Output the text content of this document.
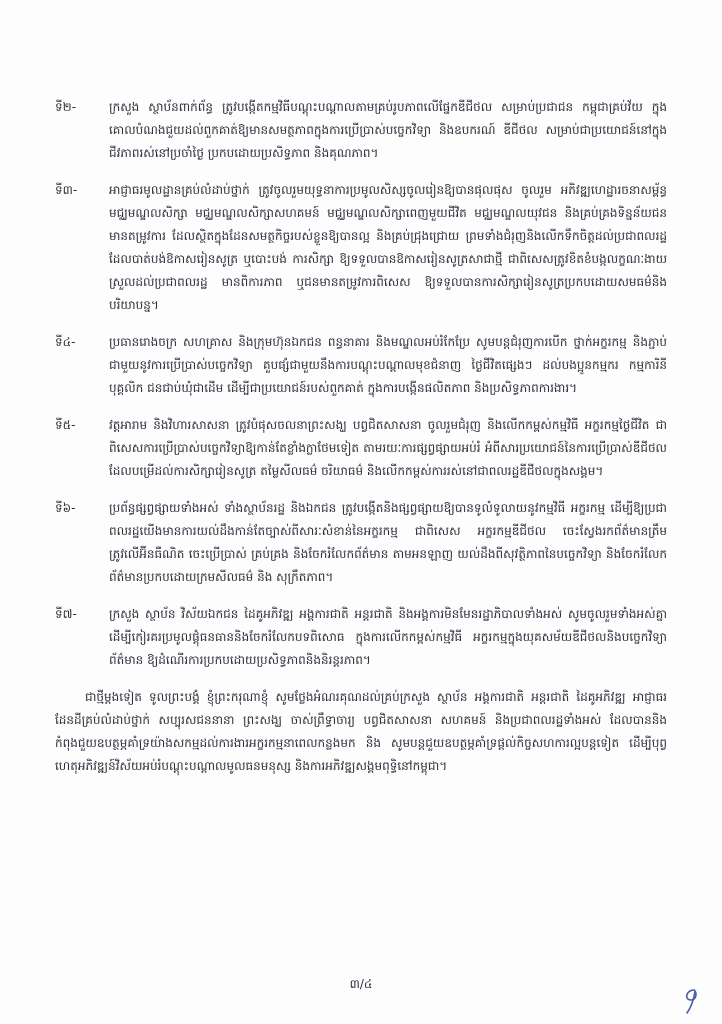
ទី២-	ក្រសួង ស្ថាប័នពាក់ព័ន្ធ ត្រូវបង្កើតកម្មវិធីបណ្តុះបណ្តាលតាមគ្រប់រូបភាពលើផ្នែកឌីជីថល សម្រាប់ប្រជាជន កម្ពុជាគ្រប់វ័យ ក្នុងគោលបំណងជួយដល់ពួកគាត់ឱ្យមានសមត្ថភាពក្នុងការប្រើប្រាស់បច្ចេកវិទ្យា និងឧបករណ៍ ឌីជីថល សម្រាប់ជាប្រយោជន៍នៅក្នុងជីវភាពរស់នៅប្រចាំថ្ងៃ ប្រកបដោយប្រសិទ្ធភាព និងគុណភាព។
ទី៣-	អាជ្ញាធរមូលដ្ឋានគ្រប់លំដាប់ថ្នាក់ ត្រូវចូលរួមយុទ្ធនាការប្រមូលសិស្សចូលរៀនឱ្យបានផុលផុស ចូលរួម អភិវឌ្ឍហេដ្ឋារចនាសម្ព័ន្ធមជ្ឈមណ្ឌលសិក្សា មជ្ឈមណ្ឌលសិក្សាសហគមន៍ មជ្ឈមណ្ឌលសិក្សាពេញមួយជីវិត មជ្ឈមណ្ឌលយុវជន និងគ្រប់គ្រងទិន្នន័យជនមានតម្រូវការ ដែលស្ថិតក្នុងដែនសមត្ថកិច្ចរបស់ខ្លួនឱ្យបានល្អ និងគ្រប់ជ្រុងជ្រោយ ព្រមទាំងជំរុញនិងលើកទឹកចិត្តដល់ប្រជាពលរដ្ឋដែលបាត់បង់ឱកាសរៀនសូត្រ ឬបោះបង់ ការសិក្សា ឱ្យទទួលបានឱកាសរៀនសូត្រសាជាថ្មី ជាពិសេសត្រូវខិតខំបង្កលក្ខណៈងាយស្រួលដល់ប្រជាពលរដ្ឋ មានពិការភាព ឬជនមានតម្រូវការពិសេស ឱ្យទទួលបានការសិក្សារៀនសូត្រប្រកបដោយសមធម៌និងបរិយាបន្ន។
ទី៤-	ប្រធានរោងចក្រ សហគ្រាស និងក្រុមហ៊ុនឯកជន ពន្ធនាគារ និងមណ្ឌលអប់រំកែប្រែ សូមបន្តជំរុញការបើក ថ្នាក់អក្ខរកម្ម និងភ្ជាប់ជាមួយនូវការប្រើប្រាស់បច្ចេកវិទ្យា គួបផ្សំជាមួយនឹងការបណ្តុះបណ្តាលមុខជំនាញ ថ្ងៃជីវិតផ្សេងៗ ដល់បងប្អូនកម្មករ កម្មការិនី បុគ្គលិក ជនជាប់ឃុំជាដើម ដើម្បីជាប្រយោជន៍របស់ពួកគាត់ ក្នុងការបង្កើនផលិតភាព និងប្រសិទ្ធភាពការងារ។
ទី៥-	វត្តអារាម និងវិហារសាសនា ត្រូវបំផុសចលនាព្រះសង្ឃ បព្វជិតសាសនា ចូលរួមជំរុញ និងលើកកម្ពស់កម្មវិធី អក្ខរកម្មថ្ងៃជីវិត ជាពិសេសការប្រើប្រាស់បច្ចេកវិទ្យាឱ្យកាន់តែខ្លាំងក្លាថែមទៀត តាមរយៈការផ្សព្វផ្សាយអប់រំ អំពីសារប្រយោជន៍នៃការប្រើប្រាស់ឌីជីថល ដែលបម្រើដល់ការសិក្សារៀនសូត្រ តម្លៃសីលធម៌ ចរិយាធម៌ និងលើកកម្ពស់ការរស់នៅជាពលរដ្ឋឌីជីថលក្នុងសង្គម។
ទី៦-	ប្រព័ន្ធផ្សព្វផ្សាយទាំងអស់ ទាំងស្ថាប័នរដ្ឋ និងឯកជន ត្រូវបង្កើតនិងផ្សព្វផ្សាយឱ្យបានទូលំទូលាយនូវកម្មវិធី អក្ខរកម្ម ដើម្បីឱ្យប្រជាពលរដ្ឋយើងមានការយល់ដឹងកាន់តែច្បាស់ពីសារៈសំខាន់នៃអក្ខរកម្ម ជាពិសេស អក្ខរកម្មឌីជីថល ចេះស្វែងរកព័ត៌មានត្រឹមត្រូវលើអ៊ីនធឺណិត ចេះប្រើប្រាស់ គ្រប់គ្រង និងចែករំលែកព័ត៌មាន តាមអនឡាញ យល់ដឹងពីសុវត្ថិភាពនៃបច្ចេកវិទ្យា និងចែករំលែកព័ត៌មានប្រកបដោយក្រមសីលធម៌ និង សុក្រឹតភាព។
ទី៧-	ក្រសួង ស្ថាប័ន វិស័យឯកជន ដៃគូអភិវឌ្ឍ អង្គការជាតិ អន្តរជាតិ និងអង្គការមិនមែនរដ្ឋាភិបាលទាំងអស់ សូមចូលរួមទាំងអស់គ្នា ដើម្បីកៀរគរប្រមូលផ្តុំធនធាននិងចែករំលែកបទពិសោធ ក្នុងការលើកកម្ពស់កម្មវិធី អក្ខរកម្មក្នុងយុគសម័យឌីជីថលនិងបច្ចេកវិទ្យាព័ត៌មាន ឱ្យដំណើរការប្រកបដោយប្រសិទ្ធភាពនិងនិរន្តរភាព។

ជាថ្មីម្តងទៀត ទូលព្រះបង្គំ ខ្ញុំព្រះករុណាខ្ញុំ សូមថ្លែងអំណរគុណដល់គ្រប់ក្រសួង ស្ថាប័ន អង្គការជាតិ អន្តរជាតិ ដៃគូអភិវឌ្ឍ អាជ្ញាធរដែនដីគ្រប់លំដាប់ថ្នាក់ សប្បុរសជននានា ព្រះសង្ឃ ចាស់ព្រឹទ្ធាចារ្យ បព្វជិតសាសនា សហគមន៍ និងប្រជាពលរដ្ឋទាំងអស់ ដែលបាននិងកំពុងជួយឧបត្ថម្ភគាំទ្រយ៉ាងសកម្មដល់ការងារអក្ខរកម្មនាពេលកន្លងមក និង សូមបន្តជួយឧបត្ថម្ភគាំទ្រផ្តល់កិច្ចសហការល្អបន្តទៀត ដើម្បីបុព្វហេតុអភិវឌ្ឍន៍វិស័យអប់រំបណ្តុះបណ្តាលមូលធនមនុស្ស និងការអភិវឌ្ឍសង្គមពុទ្ធិនៅកម្ពុជា។

៣/៤
